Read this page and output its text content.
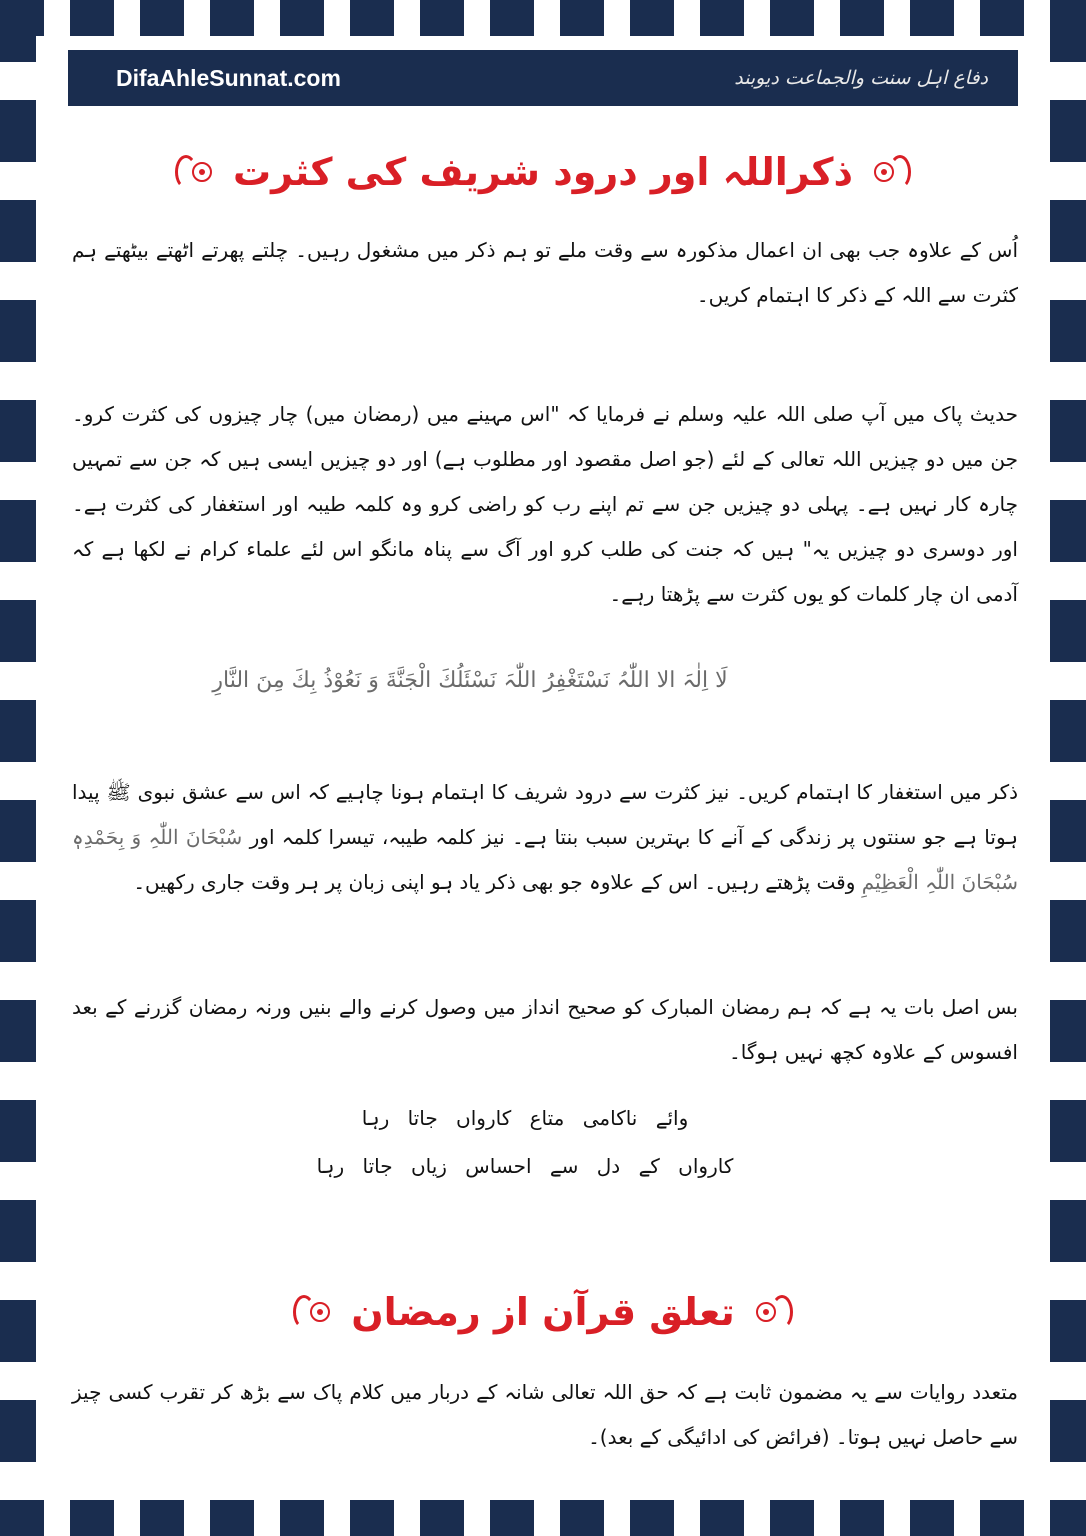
DifaAhleSunnat.com	دفاع اہل سنت والجماعت دیوبند
ذکراللہ اور درود شریف کی کثرت
اُس کے علاوہ جب بھی ان اعمال مذکورہ سے وقت ملے تو ہم ذکر میں مشغول رہیں۔ چلتے پھرتے اٹھتے بیٹھتے ہم کثرت سے اللہ کے ذکر کا اہتمام کریں۔
حدیث پاک میں آپ صلی اللہ علیہ وسلم نے فرمایا کہ "اس مہینے میں (رمضان میں) چار چیزوں کی کثرت کرو۔ جن میں دو چیزیں اللہ تعالی کے لئے (جو اصل مقصود اور مطلوب ہے) اور دو چیزیں ایسی ہیں کہ جن سے تمہیں چارہ کار نہیں ہے۔ پہلی دو چیزیں جن سے تم اپنے رب کو راضی کرو وہ کلمہ طیبہ اور استغفار کی کثرت ہے۔ اور دوسری دو چیزیں یہ" ہیں کہ جنت کی طلب کرو اور آگ سے پناہ مانگو اس لئے علماء کرام نے لکھا ہے کہ آدمی ان چار کلمات کو یوں کثرت سے پڑھتا رہے۔
لَا اِلٰہَ الا اللّٰہُ نَسْتَغْفِرُ اللّٰہَ نَسْئَلُكَ الْجَنَّةَ وَ نَعُوْذُ بِكَ مِنَ النَّارِ
ذکر میں استغفار کا اہتمام کریں۔ نیز کثرت سے درود شریف کا اہتمام ہونا چاہیے کہ اس سے عشق نبوی ﷺ پیدا ہوتا ہے جو سنتوں پر زندگی کے آنے کا بہترین سبب بنتا ہے۔ نیز کلمہ طیبہ، تیسرا کلمہ اور سُبْحَانَ اللّٰہِ وَ بِحَمْدِہٖ سُبْحَانَ اللّٰہِ الْعَظِیْمِ وقت پڑھتے رہیں۔ اس کے علاوہ جو بھی ذکر یاد ہو اپنی زبان پر ہر وقت جاری رکھیں۔
بس اصل بات یہ ہے کہ ہم رمضان المبارک کو صحیح انداز میں وصول کرنے والے بنیں ورنہ رمضان گزرنے کے بعد افسوس کے علاوہ کچھ نہیں ہوگا۔
وائے ناکامی متاع کارواں جاتا رہا
کارواں کے دل سے احساس زیاں جاتا رہا
تعلق قرآن از رمضان
متعدد روایات سے یہ مضمون ثابت ہے کہ حق اللہ تعالی شانہ کے دربار میں کلام پاک سے بڑھ کر تقرب کسی چیز سے حاصل نہیں ہوتا۔ (فرائض کی ادائیگی کے بعد)۔
